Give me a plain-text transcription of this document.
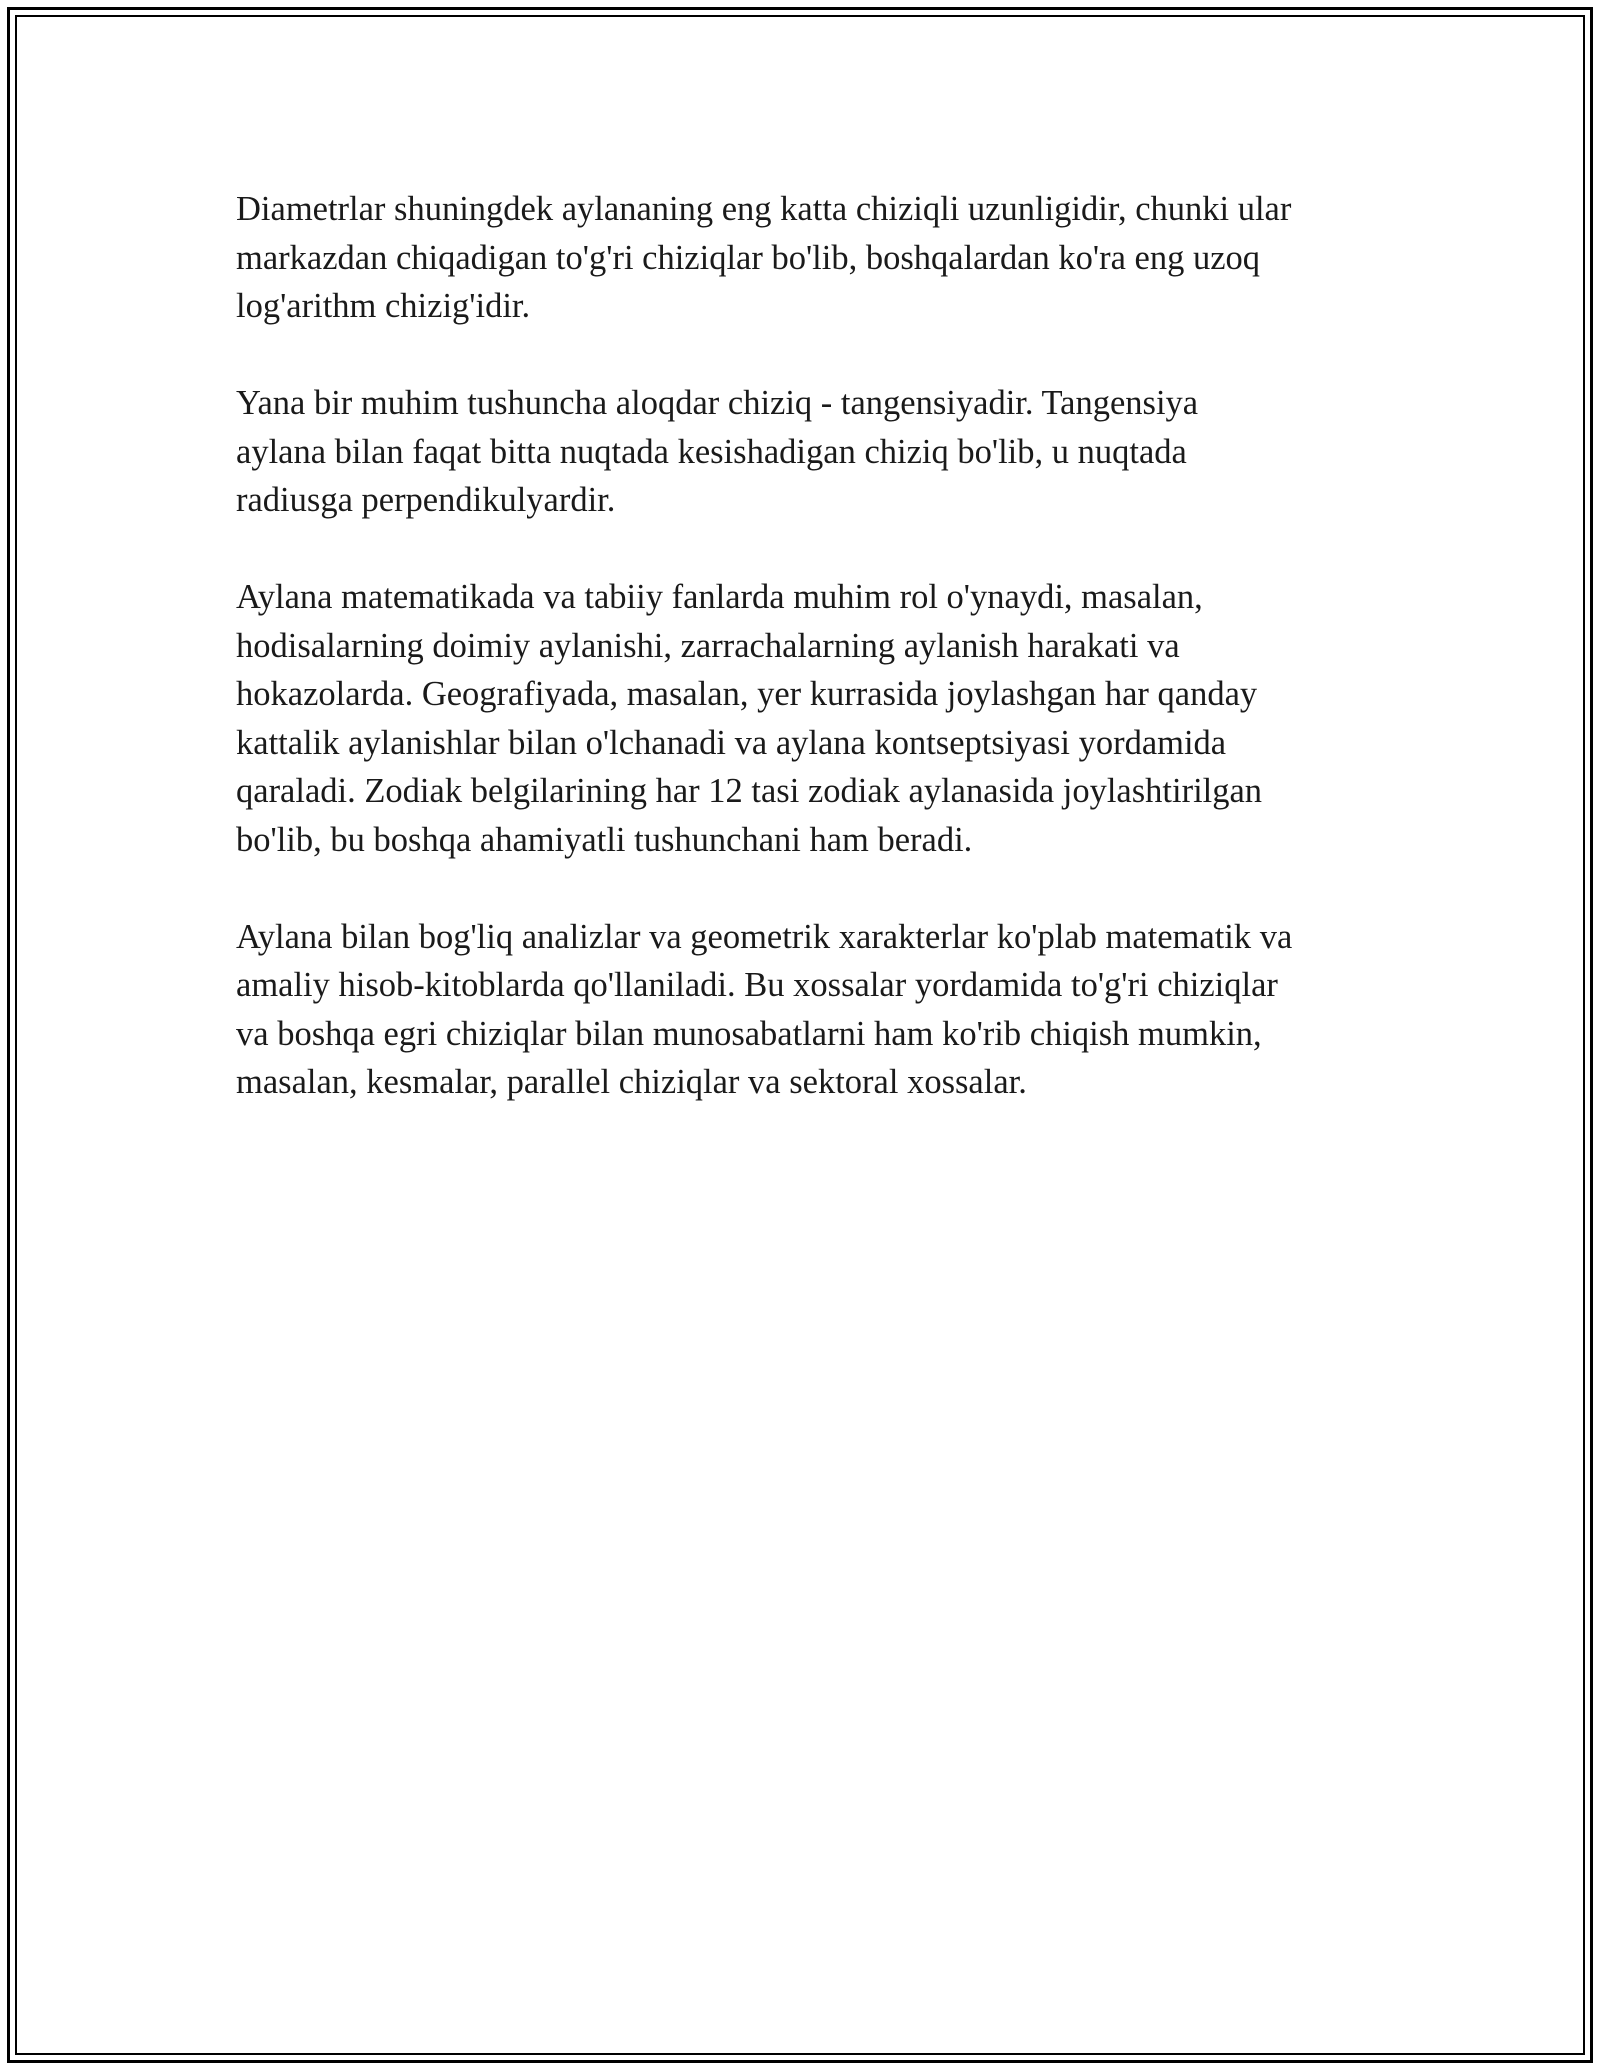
Diametrlar shuningdek aylananing eng katta chiziqli uzunligidir, chunki ular
markazdan chiqadigan to'g'ri chiziqlar bo'lib, boshqalardan ko'ra eng uzoq
log'arithm chizig'idir.

Yana bir muhim tushuncha aloqdar chiziq - tangensiyadir. Tangensiya
aylana bilan faqat bitta nuqtada kesishadigan chiziq bo'lib, u nuqtada
radiusga perpendikulyardir.

Aylana matematikada va tabiiy fanlarda muhim rol o'ynaydi, masalan,
hodisalarning doimiy aylanishi, zarrachalarning aylanish harakati va
hokazolarda. Geografiyada, masalan, yer kurrasida joylashgan har qanday
kattalik aylanishlar bilan o'lchanadi va aylana kontseptsiyasi yordamida
qaraladi. Zodiak belgilarining har 12 tasi zodiak aylanasida joylashtirilgan
bo'lib, bu boshqa ahamiyatli tushunchani ham beradi.

Aylana bilan bog'liq analizlar va geometrik xarakterlar ko'plab matematik va
amaliy hisob-kitoblarda qo'llaniladi. Bu xossalar yordamida to'g'ri chiziqlar
va boshqa egri chiziqlar bilan munosabatlarni ham ko'rib chiqish mumkin,
masalan, kesmalar, parallel chiziqlar va sektoral xossalar.
